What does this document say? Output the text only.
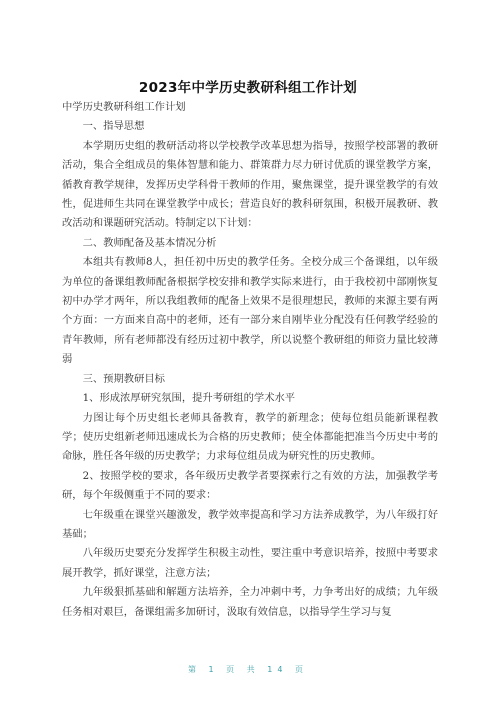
2023年中学历史教研科组工作计划

中学历史教研科组工作计划

一、指导思想

本学期历史组的教研活动将以学校教学改革思想为指导，按照学校部署的教研活动，集合全组成员的集体智慧和能力、群策群力尽力研讨优质的课堂教学方案，循教育教学规律，发挥历史学科骨干教师的作用，聚焦课堂，提升课堂教学的有效性，促进师生共同在课堂教学中成长；营造良好的教科研氛围，积极开展教研、教改活动和课题研究活动。特制定以下计划：

二、教师配备及基本情况分析

本组共有教师8人，担任初中历史的教学任务。全校分成三个备课组，以年级为单位的备课组教师配备根据学校安排和教学实际来进行，由于我校初中部刚恢复初中办学才两年，所以我组教师的配备上效果不是很理想民，教师的来源主要有两个方面：一方面来自高中的老师，还有一部分来自刚毕业分配没有任何教学经验的青年教师，所有老师都没有经历过初中教学，所以说整个教研组的师资力量比较薄弱

三、预期教研目标

1、形成浓厚研究氛围，提升考研组的学术水平

力图让每个历史组长老师具备教育，教学的新理念；使每位组员能新课程教学；使历史组新老师迅速成长为合格的历史教师；使全体都能把准当今历史中考的命脉，胜任各年级的历史教学；力求每位组员成为研究性的历史教师。

2、按照学校的要求，各年级历史教学者要探索行之有效的方法，加强教学考研，每个年级侧重于不同的要求：

七年级重在课堂兴趣激发，教学效率提高和学习方法养成教学，为八年级打好基础；

八年级历史要充分发挥学生积极主动性，要注重中考意识培养，按照中考要求展开教学，抓好课堂，注意方法；

九年级狠抓基础和解题方法培养，全力冲刺中考，力争考出好的成绩；九年级任务相对艰巨，备课组需多加研讨，汲取有效信息，以指导学生学习与复

第 1 页 共 14 页
